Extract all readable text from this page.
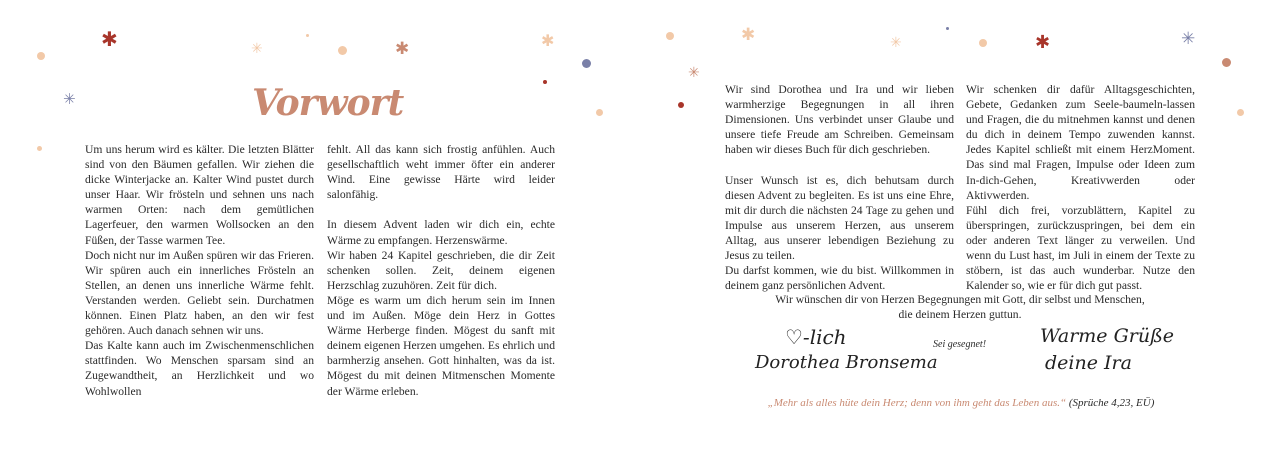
✱	✱
✳	✱
✳	Vorwort

Um uns herum wird es kälter. Die letzten Blätter sind von den Bäumen gefallen. Wir ziehen die dicke Winterjacke an. Kalter Wind pustet durch unser Haar. Wir frösteln und sehnen uns nach warmen Orten: nach dem gemütlichen Lagerfeuer, den warmen Wollsocken an den Füßen, der Tasse warmen Tee.

Doch nicht nur im Außen spüren wir das Frieren. Wir spüren auch ein innerliches Frösteln an Stellen, an denen uns innerliche Wärme fehlt. Verstanden werden. Geliebt sein. Durchatmen können. Einen Platz haben, an den wir fest gehören. Auch danach sehnen wir uns.

Das Kalte kann auch im Zwischenmenschlichen stattfinden. Wo Menschen sparsam sind an Zugewandtheit, an Herzlichkeit und wo Wohlwollen

fehlt. All das kann sich frostig anfühlen. Auch gesellschaftlich weht immer öfter ein anderer Wind. Eine gewisse Härte wird leider salonfähig.

In diesem Advent laden wir dich ein, echte Wärme zu empfangen. Herzenswärme.

Wir haben 24 Kapitel geschrieben, die dir Zeit schenken sollen. Zeit, deinem eigenen Herzschlag zuzuhören. Zeit für dich.

Möge es warm um dich herum sein im Innen und im Außen. Möge dein Herz in Gottes Wärme Herberge finden. Mögest du sanft mit deinem eigenen Herzen umgehen. Es ehrlich und barmherzig ansehen. Gott hinhalten, was da ist. Mögest du mit deinen Mitmenschen Momente der Wärme erleben.

✱	✳	✱	✳
✳

Wir sind Dorothea und Ira und wir lieben warmherzige Begegnungen in all ihren Dimensionen. Uns verbindet unser Glaube und unsere tiefe Freude am Schreiben. Gemeinsam haben wir dieses Buch für dich geschrieben.

Unser Wunsch ist es, dich behutsam durch diesen Advent zu begleiten. Es ist uns eine Ehre, mit dir durch die nächsten 24 Tage zu gehen und Impulse aus unserem Herzen, aus unserem Alltag, aus unserer lebendigen Beziehung zu Jesus zu teilen.

Du darfst kommen, wie du bist. Willkommen in deinem ganz persönlichen Advent.

Wir schenken dir dafür Alltagsgeschichten, Gebete, Gedanken zum Seele-baumeln-lassen und Fragen, die du mitnehmen kannst und denen du dich in deinem Tempo zuwenden kannst. Jedes Kapitel schließt mit einem HerzMoment. Das sind mal Fragen, Impulse oder Ideen zum In-dich-Gehen, Kreativwerden oder Aktivwerden.

Fühl dich frei, vorzublättern, Kapitel zu überspringen, zurückzuspringen, bei dem ein oder anderen Text länger zu verweilen. Und wenn du Lust hast, im Juli in einem der Texte zu stöbern, ist das auch wunderbar. Nutze den Kalender so, wie er für dich gut passt.

Wir wünschen dir von Herzen Begegnungen mit Gott, dir selbst und Menschen, die deinem Herzen guttun.
♡-lich
Dorothea Bronsema
Sei gesegnet!	Warme Grüße
deine Ira
„Mehr als alles hüte dein Herz; denn von ihm geht das Leben aus.“ (Sprüche 4,23, EÜ)
